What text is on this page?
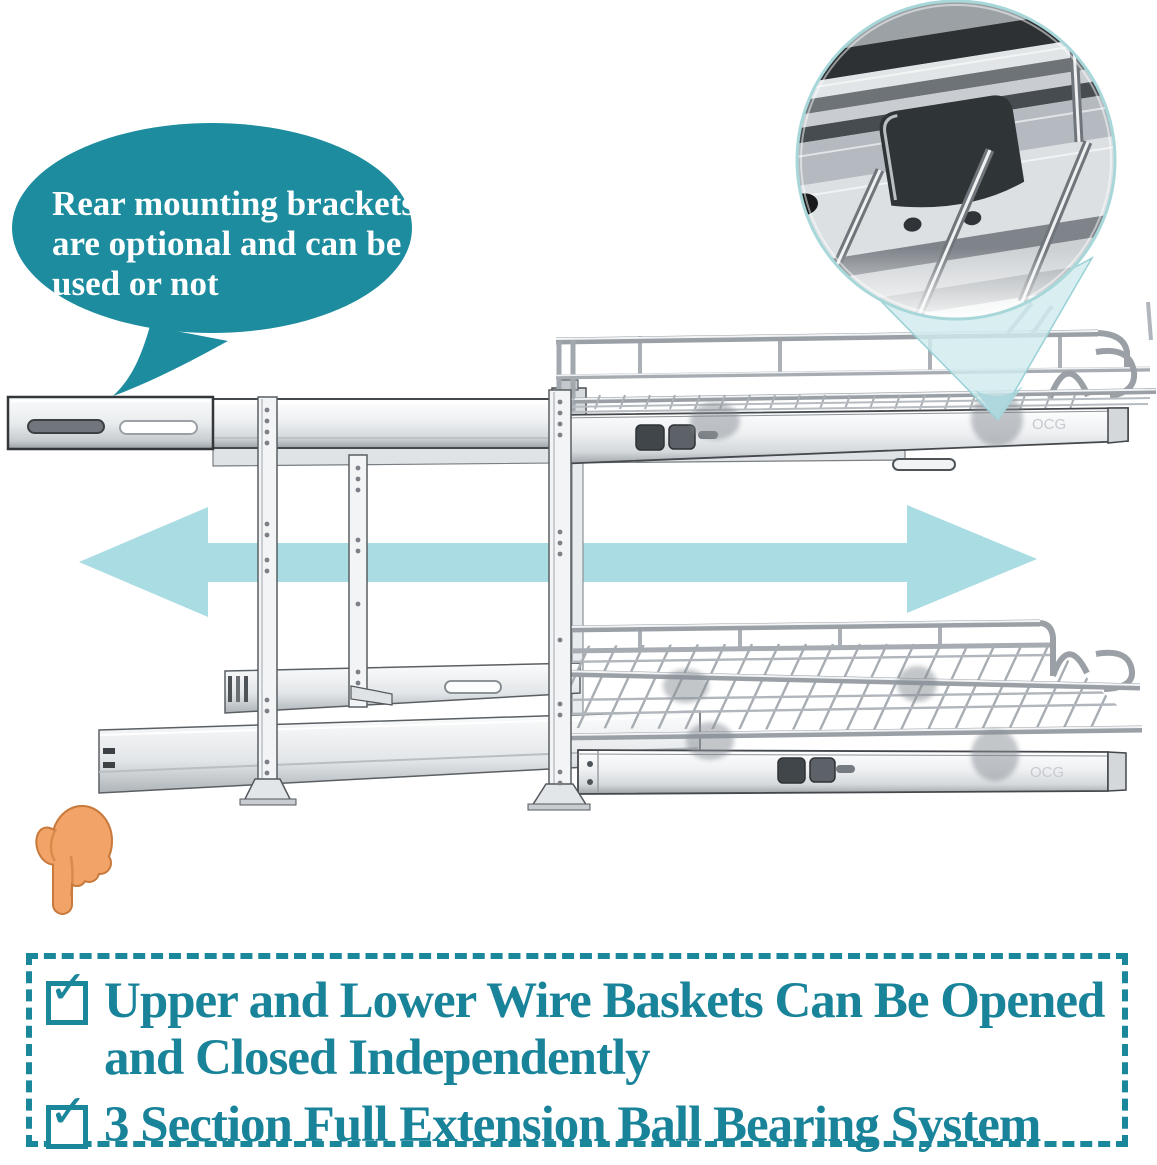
OCG
OCG
Rear mounting brackets
are optional and can be
used or not
✓ Upper and Lower Wire Baskets Can Be Opened
and Closed Independently
✓ 3 Section Full Extension Ball Bearing System
